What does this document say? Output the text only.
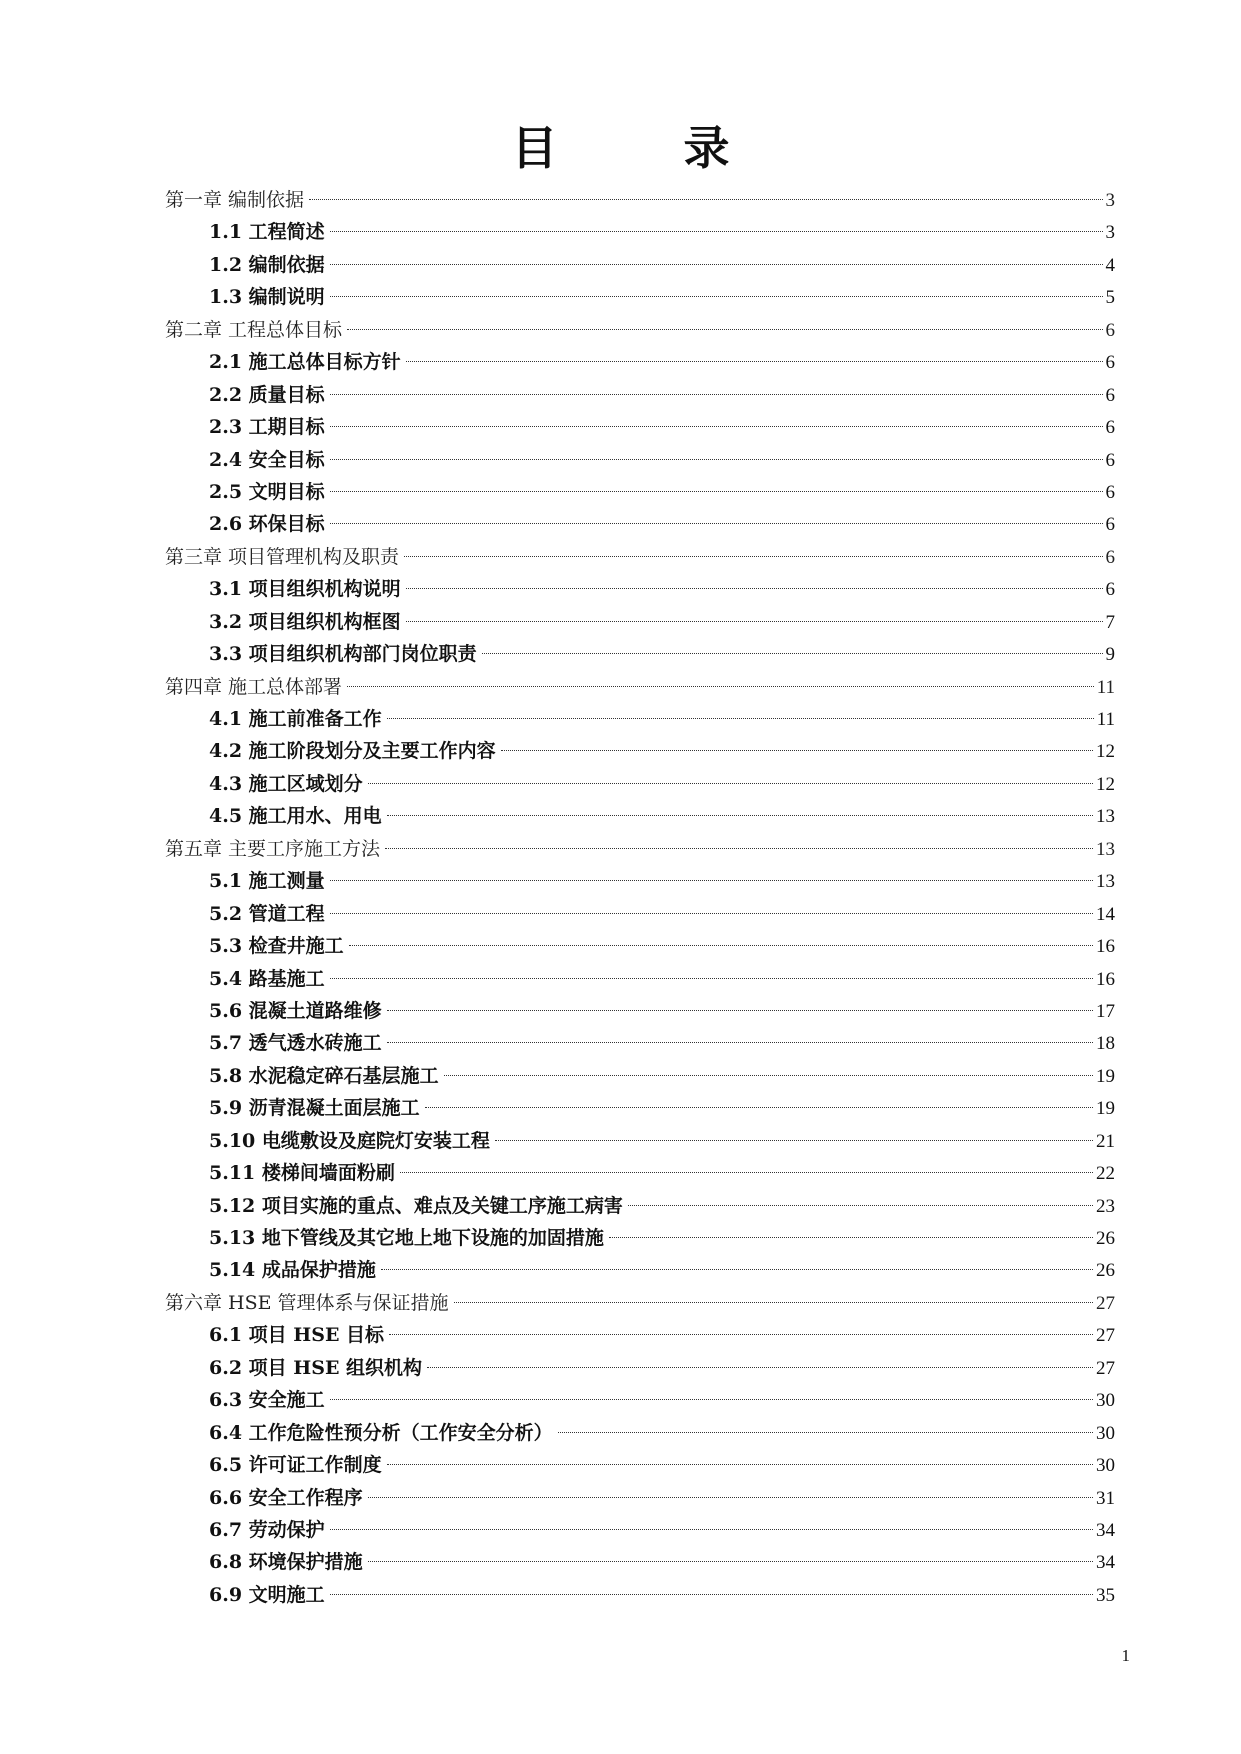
目　录
第一章 编制依据	3
1.1 工程简述	3
1.2 编制依据	4
1.3 编制说明	5
第二章 工程总体目标	6
2.1 施工总体目标方针	6
2.2 质量目标	6
2.3 工期目标	6
2.4 安全目标	6
2.5 文明目标	6
2.6 环保目标	6
第三章 项目管理机构及职责	6
3.1 项目组织机构说明	6
3.2 项目组织机构框图	7
3.3 项目组织机构部门岗位职责	9
第四章 施工总体部署	11
4.1 施工前准备工作	11
4.2 施工阶段划分及主要工作内容	12
4.3 施工区域划分	12
4.5 施工用水、用电	13
第五章 主要工序施工方法	13
5.1 施工测量	13
5.2 管道工程	14
5.3 检查井施工	16
5.4 路基施工	16
5.6 混凝土道路维修	17
5.7 透气透水砖施工	18
5.8 水泥稳定碎石基层施工	19
5.9 沥青混凝土面层施工	19
5.10 电缆敷设及庭院灯安装工程	21
5.11 楼梯间墙面粉刷	22
5.12 项目实施的重点、难点及关键工序施工病害	23
5.13 地下管线及其它地上地下设施的加固措施	26
5.14 成品保护措施	26
第六章 HSE 管理体系与保证措施	27
6.1 项目 HSE 目标	27
6.2 项目 HSE 组织机构	27
6.3 安全施工	30
6.4 工作危险性预分析（工作安全分析）	30
6.5 许可证工作制度	30
6.6 安全工作程序	31
6.7 劳动保护	34
6.8 环境保护措施	34
6.9 文明施工	35
1
